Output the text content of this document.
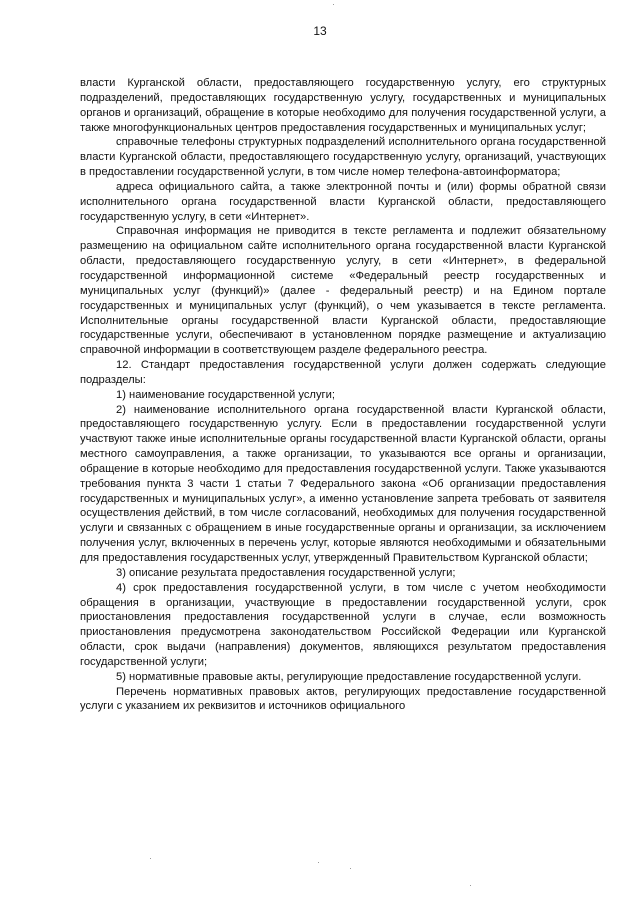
13

власти Курганской области, предоставляющего государственную услугу, его структурных подразделений, предоставляющих государственную услугу, государственных и муниципальных органов и организаций, обращение в которые необходимо для получения государственной услуги, а также многофункциональных центров предоставления государственных и муниципальных услуг;

справочные телефоны структурных подразделений исполнительного органа государственной власти Курганской области, предоставляющего государственную услугу, организаций, участвующих в предоставлении государственной услуги, в том числе номер телефона-автоинформатора;

адреса официального сайта, а также электронной почты и (или) формы обратной связи исполнительного органа государственной власти Курганской области, предоставляющего государственную услугу, в сети «Интернет».

Справочная информация не приводится в тексте регламента и подлежит обязательному размещению на официальном сайте исполнительного органа государственной власти Курганской области, предоставляющего государственную услугу, в сети «Интернет», в федеральной государственной информационной системе «Федеральный реестр государственных и муниципальных услуг (функций)» (далее - федеральный реестр) и на Едином портале государственных и муниципальных услуг (функций), о чем указывается в тексте регламента. Исполнительные органы государственной власти Курганской области, предоставляющие государственные услуги, обеспечивают в установленном порядке размещение и актуализацию справочной информации в соответствующем разделе федерального реестра.

12. Стандарт предоставления государственной услуги должен содержать следующие подразделы:

1) наименование государственной услуги;

2) наименование исполнительного органа государственной власти Курганской области, предоставляющего государственную услугу. Если в предоставлении государственной услуги участвуют также иные исполнительные органы государственной власти Курганской области, органы местного самоуправления, а также организации, то указываются все органы и организации, обращение в которые необходимо для предоставления государственной услуги. Также указываются требования пункта 3 части 1 статьи 7 Федерального закона «Об организации предоставления государственных и муниципальных услуг», а именно установление запрета требовать от заявителя осуществления действий, в том числе согласований, необходимых для получения государственной услуги и связанных с обращением в иные государственные органы и организации, за исключением получения услуг, включенных в перечень услуг, которые являются необходимыми и обязательными для предоставления государственных услуг, утвержденный Правительством Курганской области;

3) описание результата предоставления государственной услуги;

4) срок предоставления государственной услуги, в том числе с учетом необходимости обращения в организации, участвующие в предоставлении государственной услуги, срок приостановления предоставления государственной услуги в случае, если возможность приостановления предусмотрена законодательством Российской Федерации или Курганской области, срок выдачи (направления) документов, являющихся результатом предоставления государственной услуги;

5) нормативные правовые акты, регулирующие предоставление государственной услуги.

Перечень нормативных правовых актов, регулирующих предоставление государственной услуги с указанием их реквизитов и источников официального
